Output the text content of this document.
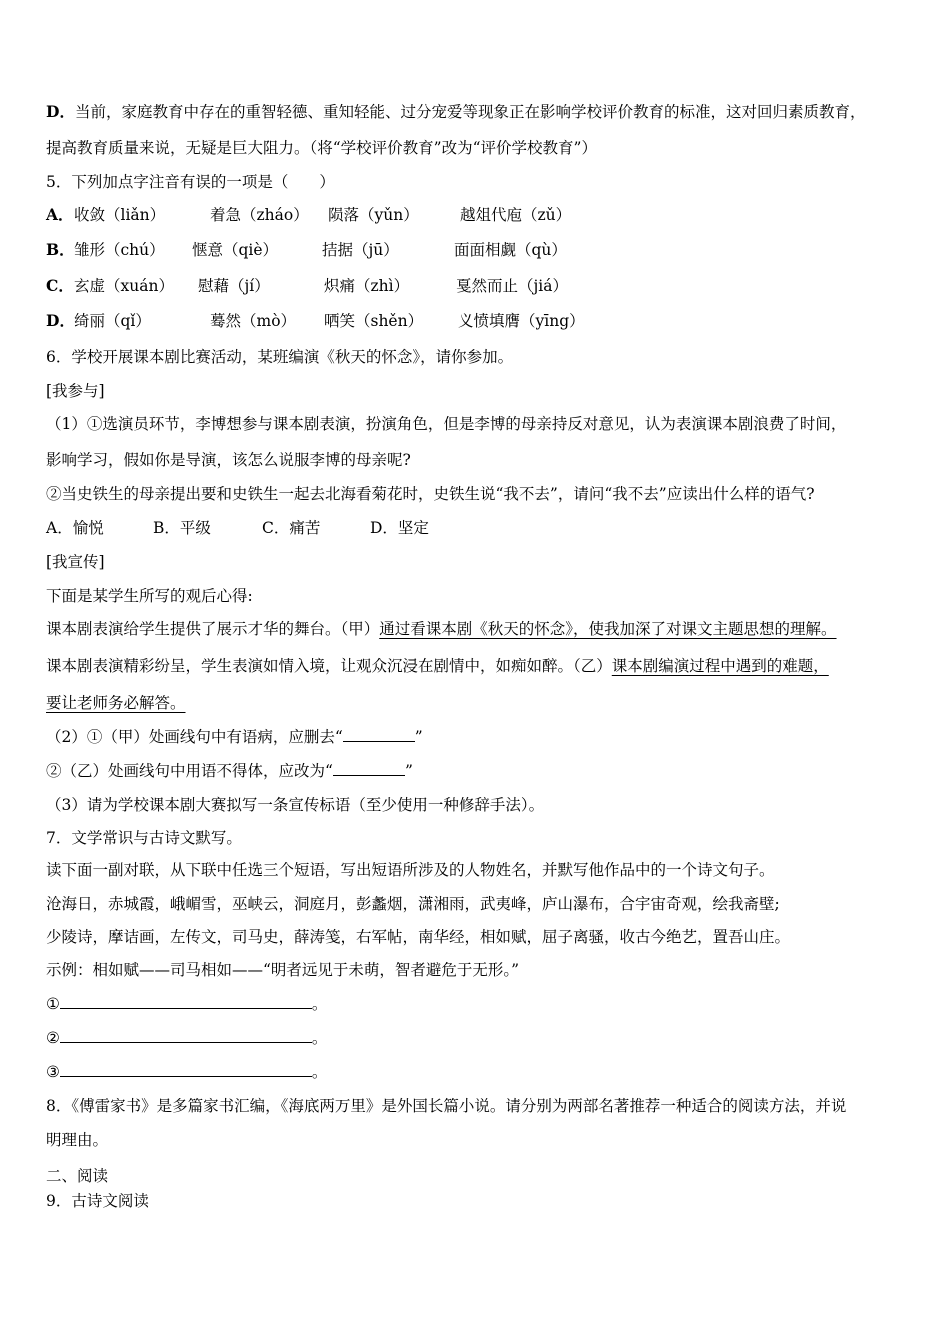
D．当前，家庭教育中存在的重智轻德、重知轻能、过分宠爱等现象正在影响学校评价教育的标准，这对回归素质教育，
提高教育质量来说，无疑是巨大阻力。（将“学校评价教育”改为“评价学校教育”）
5．下列加点字注音有误的一项是（　　）
A． 收敛（liǎn）	着急（zháo） 陨落（yǔn）	越俎代庖（zǔ）
B． 雏形（chú） 惬意（qiè）	拮据（jū）	面面相觑（qù）
C． 玄虚（xuán） 慰藉（jí）	炽痛（zhì）	戛然而止（jiá）
D． 绮丽（qǐ）	蓦然（mò） 哂笑（shěn） 义愤填膺（yīng）
6．学校开展课本剧比赛活动，某班编演《秋天的怀念》，请你参加。
[我参与]
（1）①选演员环节，李博想参与课本剧表演，扮演角色，但是李博的母亲持反对意见，认为表演课本剧浪费了时间，
影响学习，假如你是导演，该怎么说服李博的母亲呢?
②当史铁生的母亲提出要和史铁生一起去北海看菊花时，史铁生说“我不去”，请问“我不去”应读出什么样的语气?
A．愉悦	B．平级	C．痛苦	D．坚定
[我宣传]
下面是某学生所写的观后心得:
课本剧表演给学生提供了展示才华的舞台。（甲）通过看课本剧《秋天的怀念》，使我加深了对课文主题思想的理解。
课本剧表演精彩纷呈，学生表演如情入境，让观众沉浸在剧情中，如痴如醉。（乙）课本剧编演过程中遇到的难题，
要让老师务必解答。
（2）①（甲）处画线句中有语病，应删去“	”
②（乙）处画线句中用语不得体，应改为“	”
（3）请为学校课本剧大赛拟写一条宣传标语（至少使用一种修辞手法）。
7．文学常识与古诗文默写。
读下面一副对联，从下联中任选三个短语，写出短语所涉及的人物姓名，并默写他作品中的一个诗文句子。
沧海日，赤城霞，峨嵋雪，巫峡云，洞庭月，彭蠡烟，潇湘雨，武夷峰，庐山瀑布，合宇宙奇观，绘我斋壁;
少陵诗，摩诘画，左传文，司马史，薛涛笺，右军帖，南华经，相如赋，屈子离骚，收古今绝艺，置吾山庄。
示例：相如赋——司马相如——“明者远见于未萌，智者避危于无形。”
①	。
②	。
③	。
8．《傅雷家书》是多篇家书汇编，《海底两万里》是外国长篇小说。请分别为两部名著推荐一种适合的阅读方法，并说
明理由。
二、阅读
9．古诗文阅读
